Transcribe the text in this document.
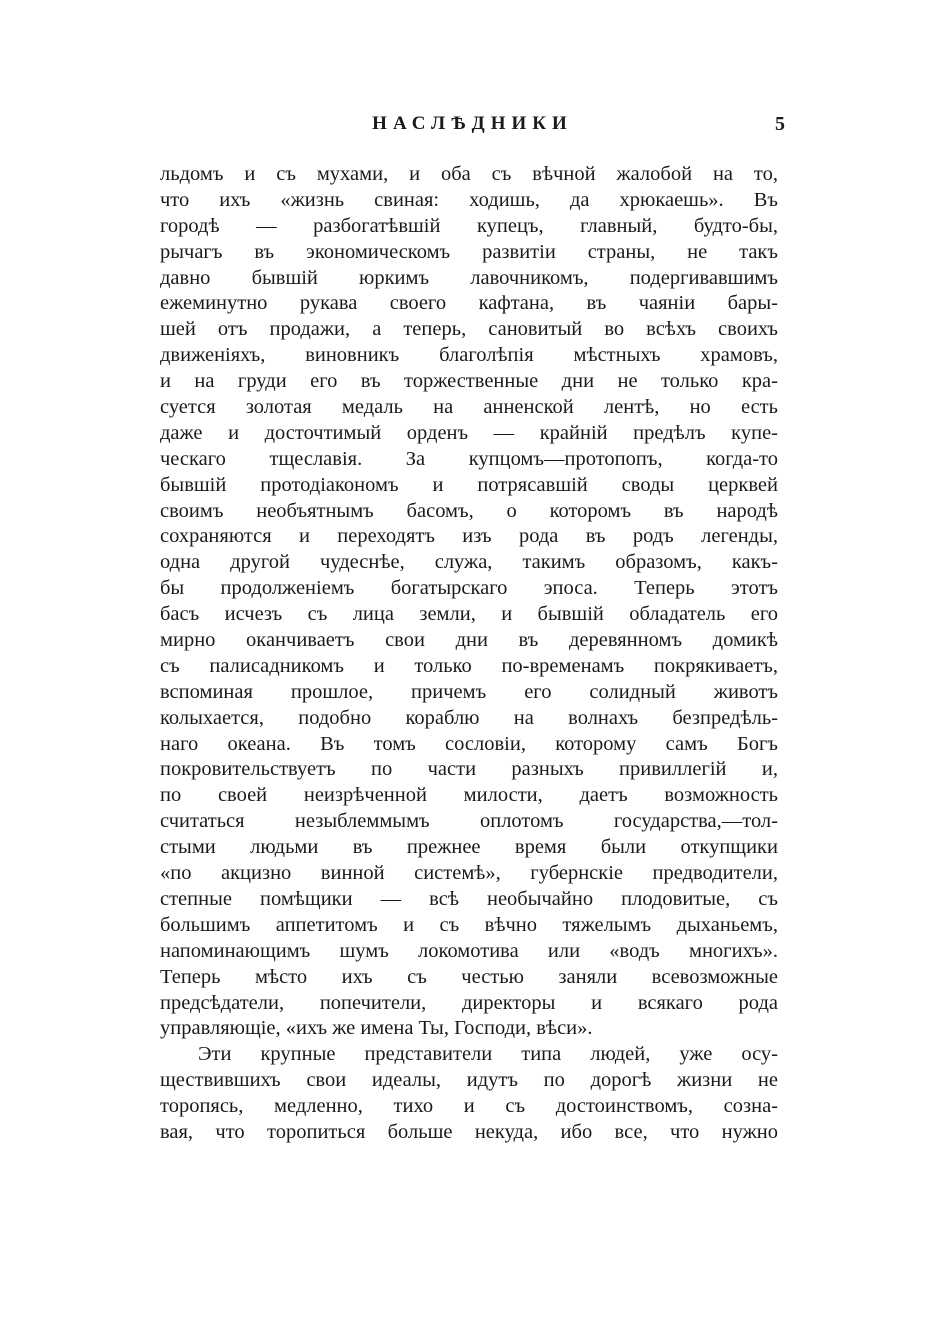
НАСЛѢДНИКИ	5
льдомъ и съ мухами, и оба съ вѣчной жалобой на то,
что ихъ «жизнь свиная: ходишь, да хрюкаешь». Въ
городѣ — разбогатѣвшій купецъ, главный, будто-бы,
рычагъ въ экономическомъ развитіи страны, не такъ
давно бывшій юркимъ лавочникомъ, подергивавшимъ
ежеминутно рукава своего кафтана, въ чаяніи бары-
шей отъ продажи, а теперь, сановитый во всѣхъ своихъ
движеніяхъ, виновникъ благолѣпія мѣстныхъ храмовъ,
и на груди его въ торжественные дни не только кра-
суется золотая медаль на анненской лентѣ, но есть
даже и досточтимый орденъ — крайній предѣлъ купе-
ческаго тщеславія. За купцомъ—протопопъ, когда-то
бывшій протодіакономъ и потрясавшій своды церквей
своимъ необъятнымъ басомъ, о которомъ въ народѣ
сохраняются и переходятъ изъ рода въ родъ легенды,
одна другой чудеснѣе, служа, такимъ образомъ, какъ-
бы продолженіемъ богатырскаго эпоса. Теперь этотъ
басъ исчезъ съ лица земли, и бывшій обладатель его
мирно оканчиваетъ свои дни въ деревянномъ домикѣ
съ палисадникомъ и только по-временамъ покрякиваетъ,
вспоминая прошлое, причемъ его солидный животъ
колыхается, подобно кораблю на волнахъ безпредѣль-
наго океана. Въ томъ сословіи, которому самъ Богъ
покровительствуетъ по части разныхъ привиллегій и,
по своей неизрѣченной милости, даетъ возможность
считаться незыблеммымъ оплотомъ государства,—тол-
стыми людьми въ прежнее время были откупщики
«по акцизно винной системѣ», губернскіе предводители,
степные помѣщики — всѣ необычайно плодовитые, съ
большимъ аппетитомъ и съ вѣчно тяжелымъ дыханьемъ,
напоминающимъ шумъ локомотива или «водъ многихъ».
Теперь мѣсто ихъ съ честью заняли всевозможные
предсѣдатели, попечители, директоры и всякаго рода
управляющіе, «ихъ же имена Ты, Господи, вѣси».
Эти крупные представители типа людей, уже осу-
ществившихъ свои идеалы, идутъ по дорогѣ жизни не
торопясь, медленно, тихо и съ достоинствомъ, созна-
вая, что торопиться больше некуда, ибо все, что нужно
